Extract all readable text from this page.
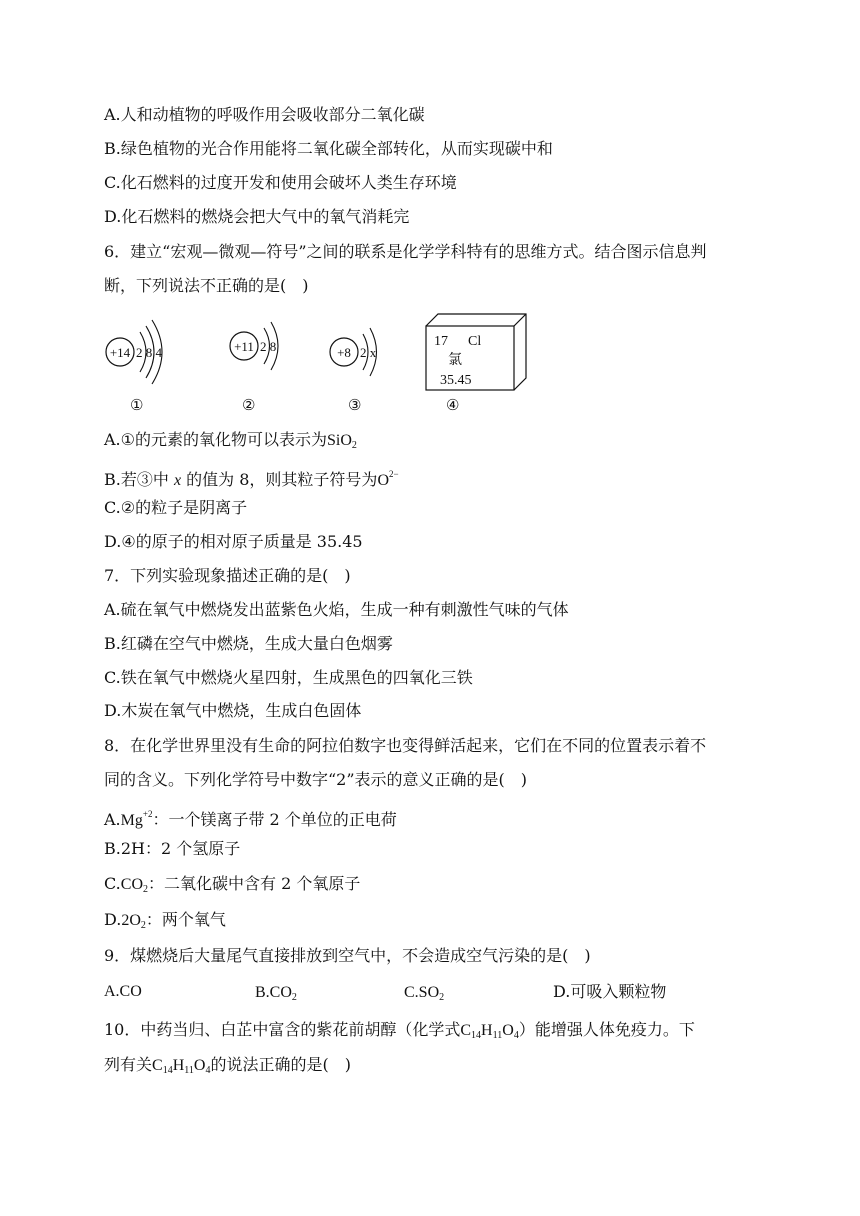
A.人和动植物的呼吸作用会吸收部分二氧化碳
B.绿色植物的光合作用能将二氧化碳全部转化，从而实现碳中和
C.化石燃料的过度开发和使用会破坏人类生存环境
D.化石燃料的燃烧会把大气中的氧气消耗完
6．建立“宏观—微观—符号”之间的联系是化学学科特有的思维方式。结合图示信息判
断，下列说法不正确的是(　)
+14 2 8 4	+11 2 8	+8 2 x
17 Cl
氯
35.45
①	②	③	④
A.①的元素的氧化物可以表示为SiO$_2$
B.若③中 x 的值为 8，则其粒子符号为$O^{2-}$
C.②的粒子是阴离子
D.④的原子的相对原子质量是 35.45
7．下列实验现象描述正确的是(　)
A.硫在氧气中燃烧发出蓝紫色火焰，生成一种有刺激性气味的气体
B.红磷在空气中燃烧，生成大量白色烟雾
C.铁在氧气中燃烧火星四射，生成黑色的四氧化三铁
D.木炭在氧气中燃烧，生成白色固体
8．在化学世界里没有生命的阿拉伯数字也变得鲜活起来，它们在不同的位置表示着不
同的含义。下列化学符号中数字“2”表示的意义正确的是(　)
$A.Mg^{+2}$：一个镁离子带 2 个单位的正电荷
B.2H：2 个氢原子
$C.CO_2$：二氧化碳中含有 2 个氧原子
$D.2O_2$：两个氧气
9．煤燃烧后大量尾气直接排放到空气中，不会造成空气污染的是(　)
A.CO	$B.CO_2$	$C.SO_2$	D.可吸入颗粒物
10．中药当归、白芷中富含的紫花前胡醇（化学式$C_{14}H_{11}O_4$）能增强人体免疫力。下
列有关$C_{14}H_{11}O_4$的说法正确的是(　)
